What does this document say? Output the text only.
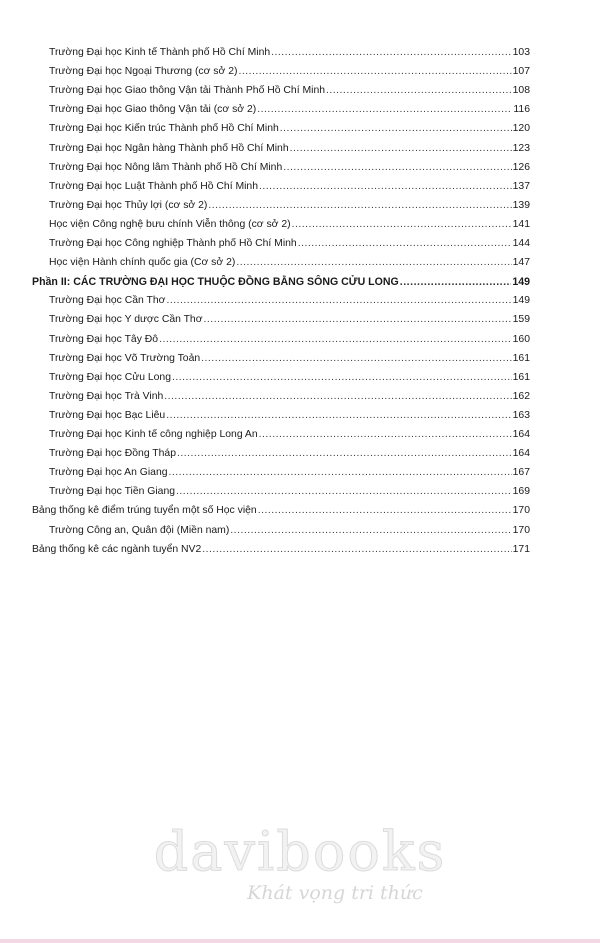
Trường Đại học Kinh tế Thành phố Hồ Chí Minh .....	103
Trường Đại học Ngoại Thương (cơ sở 2) .....	107
Trường Đại học Giao thông Vận tải Thành Phố Hồ Chí Minh .....	108
Trường Đại học Giao thông Vận tải (cơ sở 2) .....	116
Trường Đại học Kiến trúc Thành phố Hồ Chí Minh .....	120
Trường Đại học Ngân hàng Thành phố Hồ Chí Minh .....	123
Trường Đại học Nông lâm Thành phố Hồ Chí Minh .....	126
Trường Đại học Luật Thành phố Hồ Chí Minh .....	137
Trường Đại học Thủy lợi (cơ sở 2) .....	139
Học viện Công nghệ bưu chính Viễn thông (cơ sở 2) .....	141
Trường Đại học Công nghiệp Thành phố Hồ Chí Minh .....	144
Học viện Hành chính quốc gia (Cơ sở 2) .....	147
Phần II: CÁC TRƯỜNG ĐẠI HỌC THUỘC ĐỒNG BẰNG SÔNG CỬU LONG .....	149
Trường Đại học Cần Thơ .....	149
Trường Đại học Y dược Cần Thơ .....	159
Trường Đại học Tây Đô .....	160
Trường Đại học Võ Trường Toản .....	161
Trường Đại học Cửu Long .....	161
Trường Đại học Trà Vinh .....	162
Trường Đại học Bạc Liêu .....	163
Trường Đại học Kinh tế công nghiệp Long An .....	164
Trường Đại học Đồng Tháp .....	164
Trường Đại học An Giang .....	167
Trường Đại học Tiền Giang .....	169
Bảng thống kê điểm trúng tuyển một số Học viện .....	170
Trường Công an, Quân đội (Miền nam) .....	170
Bảng thống kê các ngành tuyển NV2 .....	171
davibooks
Khát vọng tri thức
